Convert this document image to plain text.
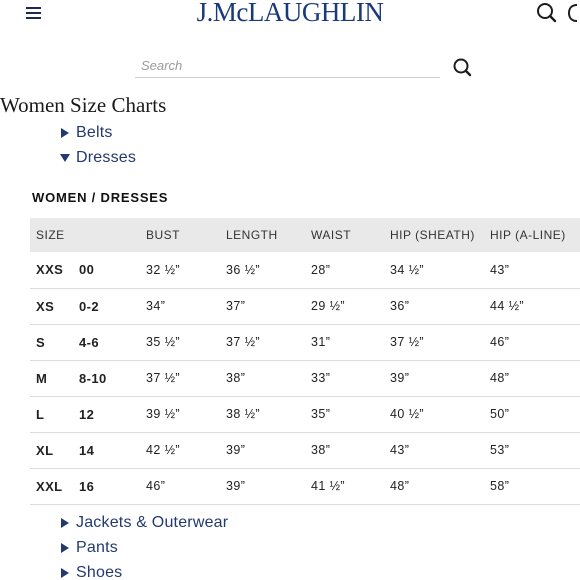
J.McLAUGHLIN
Search
Women Size Charts
Belts
Dresses
WOMEN / DRESSES
SIZE		BUST	LENGTH	WAIST	HIP (SHEATH)	HIP (A-LINE)
XXS	00	32 ½”	36 ½”	28”	34 ½”	43”
XS	0-2	34”	37”	29 ½”	36”	44 ½”
S	4-6	35 ½”	37 ½”	31”	37 ½”	46”
M	8-10	37 ½”	38”	33”	39”	48”
L	12	39 ½”	38 ½”	35”	40 ½”	50”
XL	14	42 ½”	39”	38”	43”	53”
XXL	16	46”	39”	41 ½”	48”	58”
Jackets & Outerwear
Pants
Shoes
